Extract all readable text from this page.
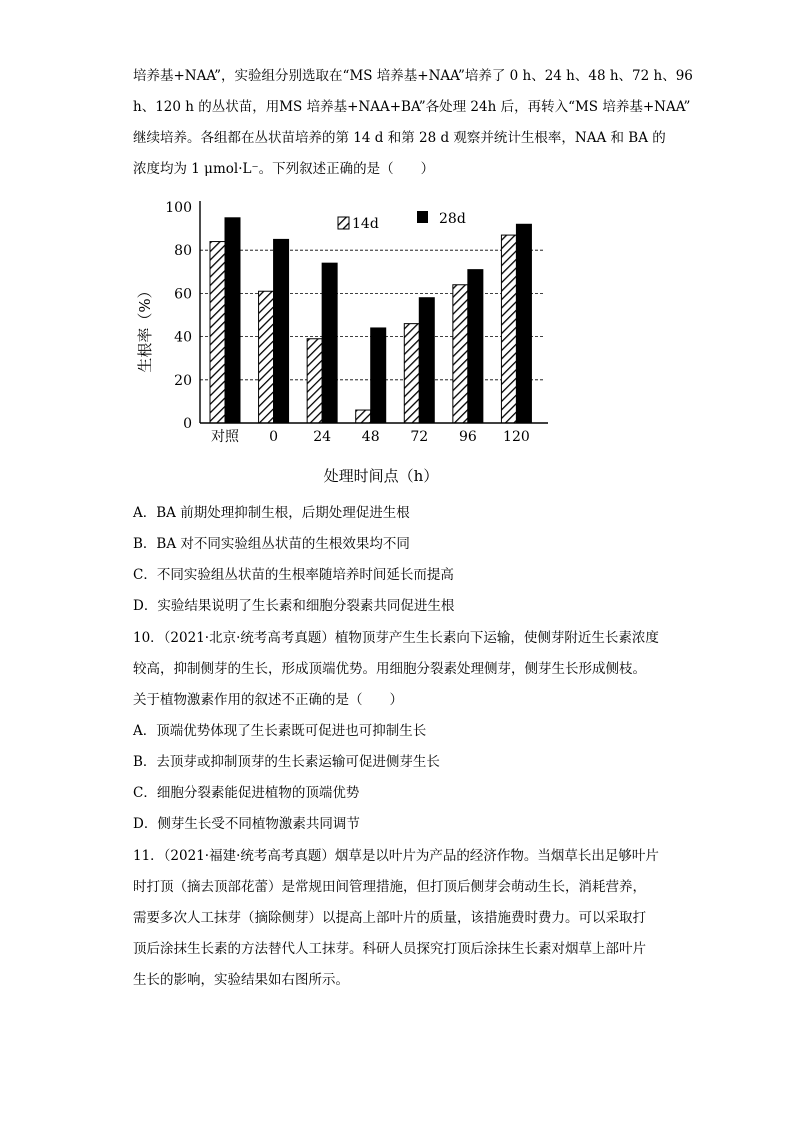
培养基+NAA”，实验组分别选取在“MS 培养基+NAA”培养了 0 h、24 h、48 h、72 h、96
h、120 h 的丛状苗，用MS 培养基+NAA+BA”各处理 24h 后，再转入“MS 培养基+NAA”
继续培养。各组都在丛状苗培养的第 14 d 和第 28 d 观察并统计生根率，NAA 和 BA 的
浓度均为 1 μmol·L⁻。下列叙述正确的是（　　）
0
20
40
60
80
100
对照 0	24 48 72 96 120
生根率（%）
处理时间点（h）
14d	28d
A．BA 前期处理抑制生根，后期处理促进生根
B．BA 对不同实验组丛状苗的生根效果均不同
C．不同实验组丛状苗的生根率随培养时间延长而提高
D．实验结果说明了生长素和细胞分裂素共同促进生根
10．（2021·北京·统考高考真题）植物顶芽产生生长素向下运输，使侧芽附近生长素浓度
较高，抑制侧芽的生长，形成顶端优势。用细胞分裂素处理侧芽，侧芽生长形成侧枝。
关于植物激素作用的叙述不正确的是（　　）
A．顶端优势体现了生长素既可促进也可抑制生长
B．去顶芽或抑制顶芽的生长素运输可促进侧芽生长
C．细胞分裂素能促进植物的顶端优势
D．侧芽生长受不同植物激素共同调节
11．（2021·福建·统考高考真题）烟草是以叶片为产品的经济作物。当烟草长出足够叶片
时打顶（摘去顶部花蕾）是常规田间管理措施，但打顶后侧芽会萌动生长，消耗营养，
需要多次人工抹芽（摘除侧芽）以提高上部叶片的质量，该措施费时费力。可以采取打
顶后涂抹生长素的方法替代人工抹芽。科研人员探究打顶后涂抹生长素对烟草上部叶片
生长的影响，实验结果如右图所示。
